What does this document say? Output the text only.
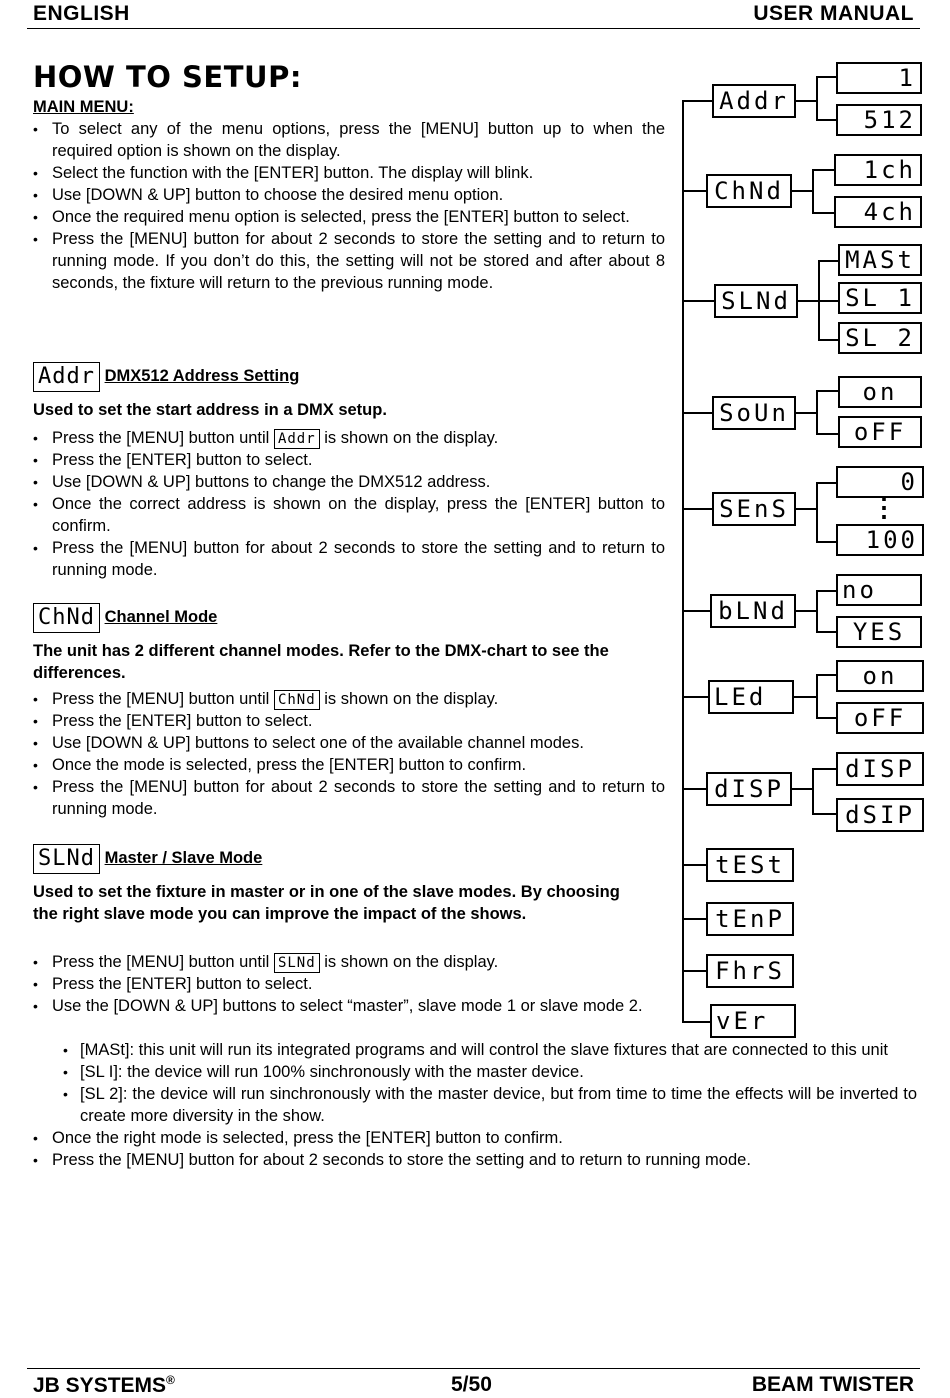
ENGLISH	USER MANUAL
HOW TO SETUP:
MAIN MENU:
• To select any of the menu options, press the [MENU] button up to when the required option is shown on the display.
• Select the function with the [ENTER] button. The display will blink.
• Use [DOWN & UP] button to choose the desired menu option.
• Once the required menu option is selected, press the [ENTER] button to select.
• Press the [MENU] button for about 2 seconds to store the setting and to return to running mode. If you don’t do this, the setting will not be stored and after about 8 seconds, the fixture will return to the previous running mode.
Addr DMX512 Address Setting
Used to set the start address in a DMX setup.
• Press the [MENU] button until Addr is shown on the display.
• Press the [ENTER] button to select.
• Use [DOWN & UP] buttons to change the DMX512 address.
• Once the correct address is shown on the display, press the [ENTER] button to confirm.
• Press the [MENU] button for about 2 seconds to store the setting and to return to running mode.
ChNd Channel Mode
The unit has 2 different channel modes. Refer to the DMX-chart to see the differences.
• Press the [MENU] button until ChNd is shown on the display.
• Press the [ENTER] button to select.
• Use [DOWN & UP] buttons to select one of the available channel modes.
• Once the mode is selected, press the [ENTER] button to confirm.
• Press the [MENU] button for about 2 seconds to store the setting and to return to running mode.
SLNd Master / Slave Mode
Used to set the fixture in master or in one of the slave modes. By choosing the right slave mode you can improve the impact of the shows.
• Press the [MENU] button until SLNd is shown on the display.
• Press the [ENTER] button to select.
• Use the [DOWN & UP] buttons to select “master”, slave mode 1 or slave mode 2.
• [MASt]: this unit will run its integrated programs and will control the slave fixtures that are connected to this unit
• [SL I]: the device will run 100% sinchronously with the master device.
• [SL 2]: the device will run sinchronously with the master device, but from time to time the effects will be inverted to create more diversity in the show.
• Once the right mode is selected, press the [ENTER] button to confirm.
• Press the [MENU] button for about 2 seconds to store the setting and to return to running mode.
Addr
1
512
ChNd
1ch
4ch
SLNd
MASt
SL 1
SL 2
SoUn
on
oFF
SEnS
0
⋮
100
bLNd
no
YES
LEd
on
oFF
dISP
dISP
dSIP
tESt
tEnP
FhrS
vEr
JB SYSTEMS®	5/50	BEAM TWISTER
